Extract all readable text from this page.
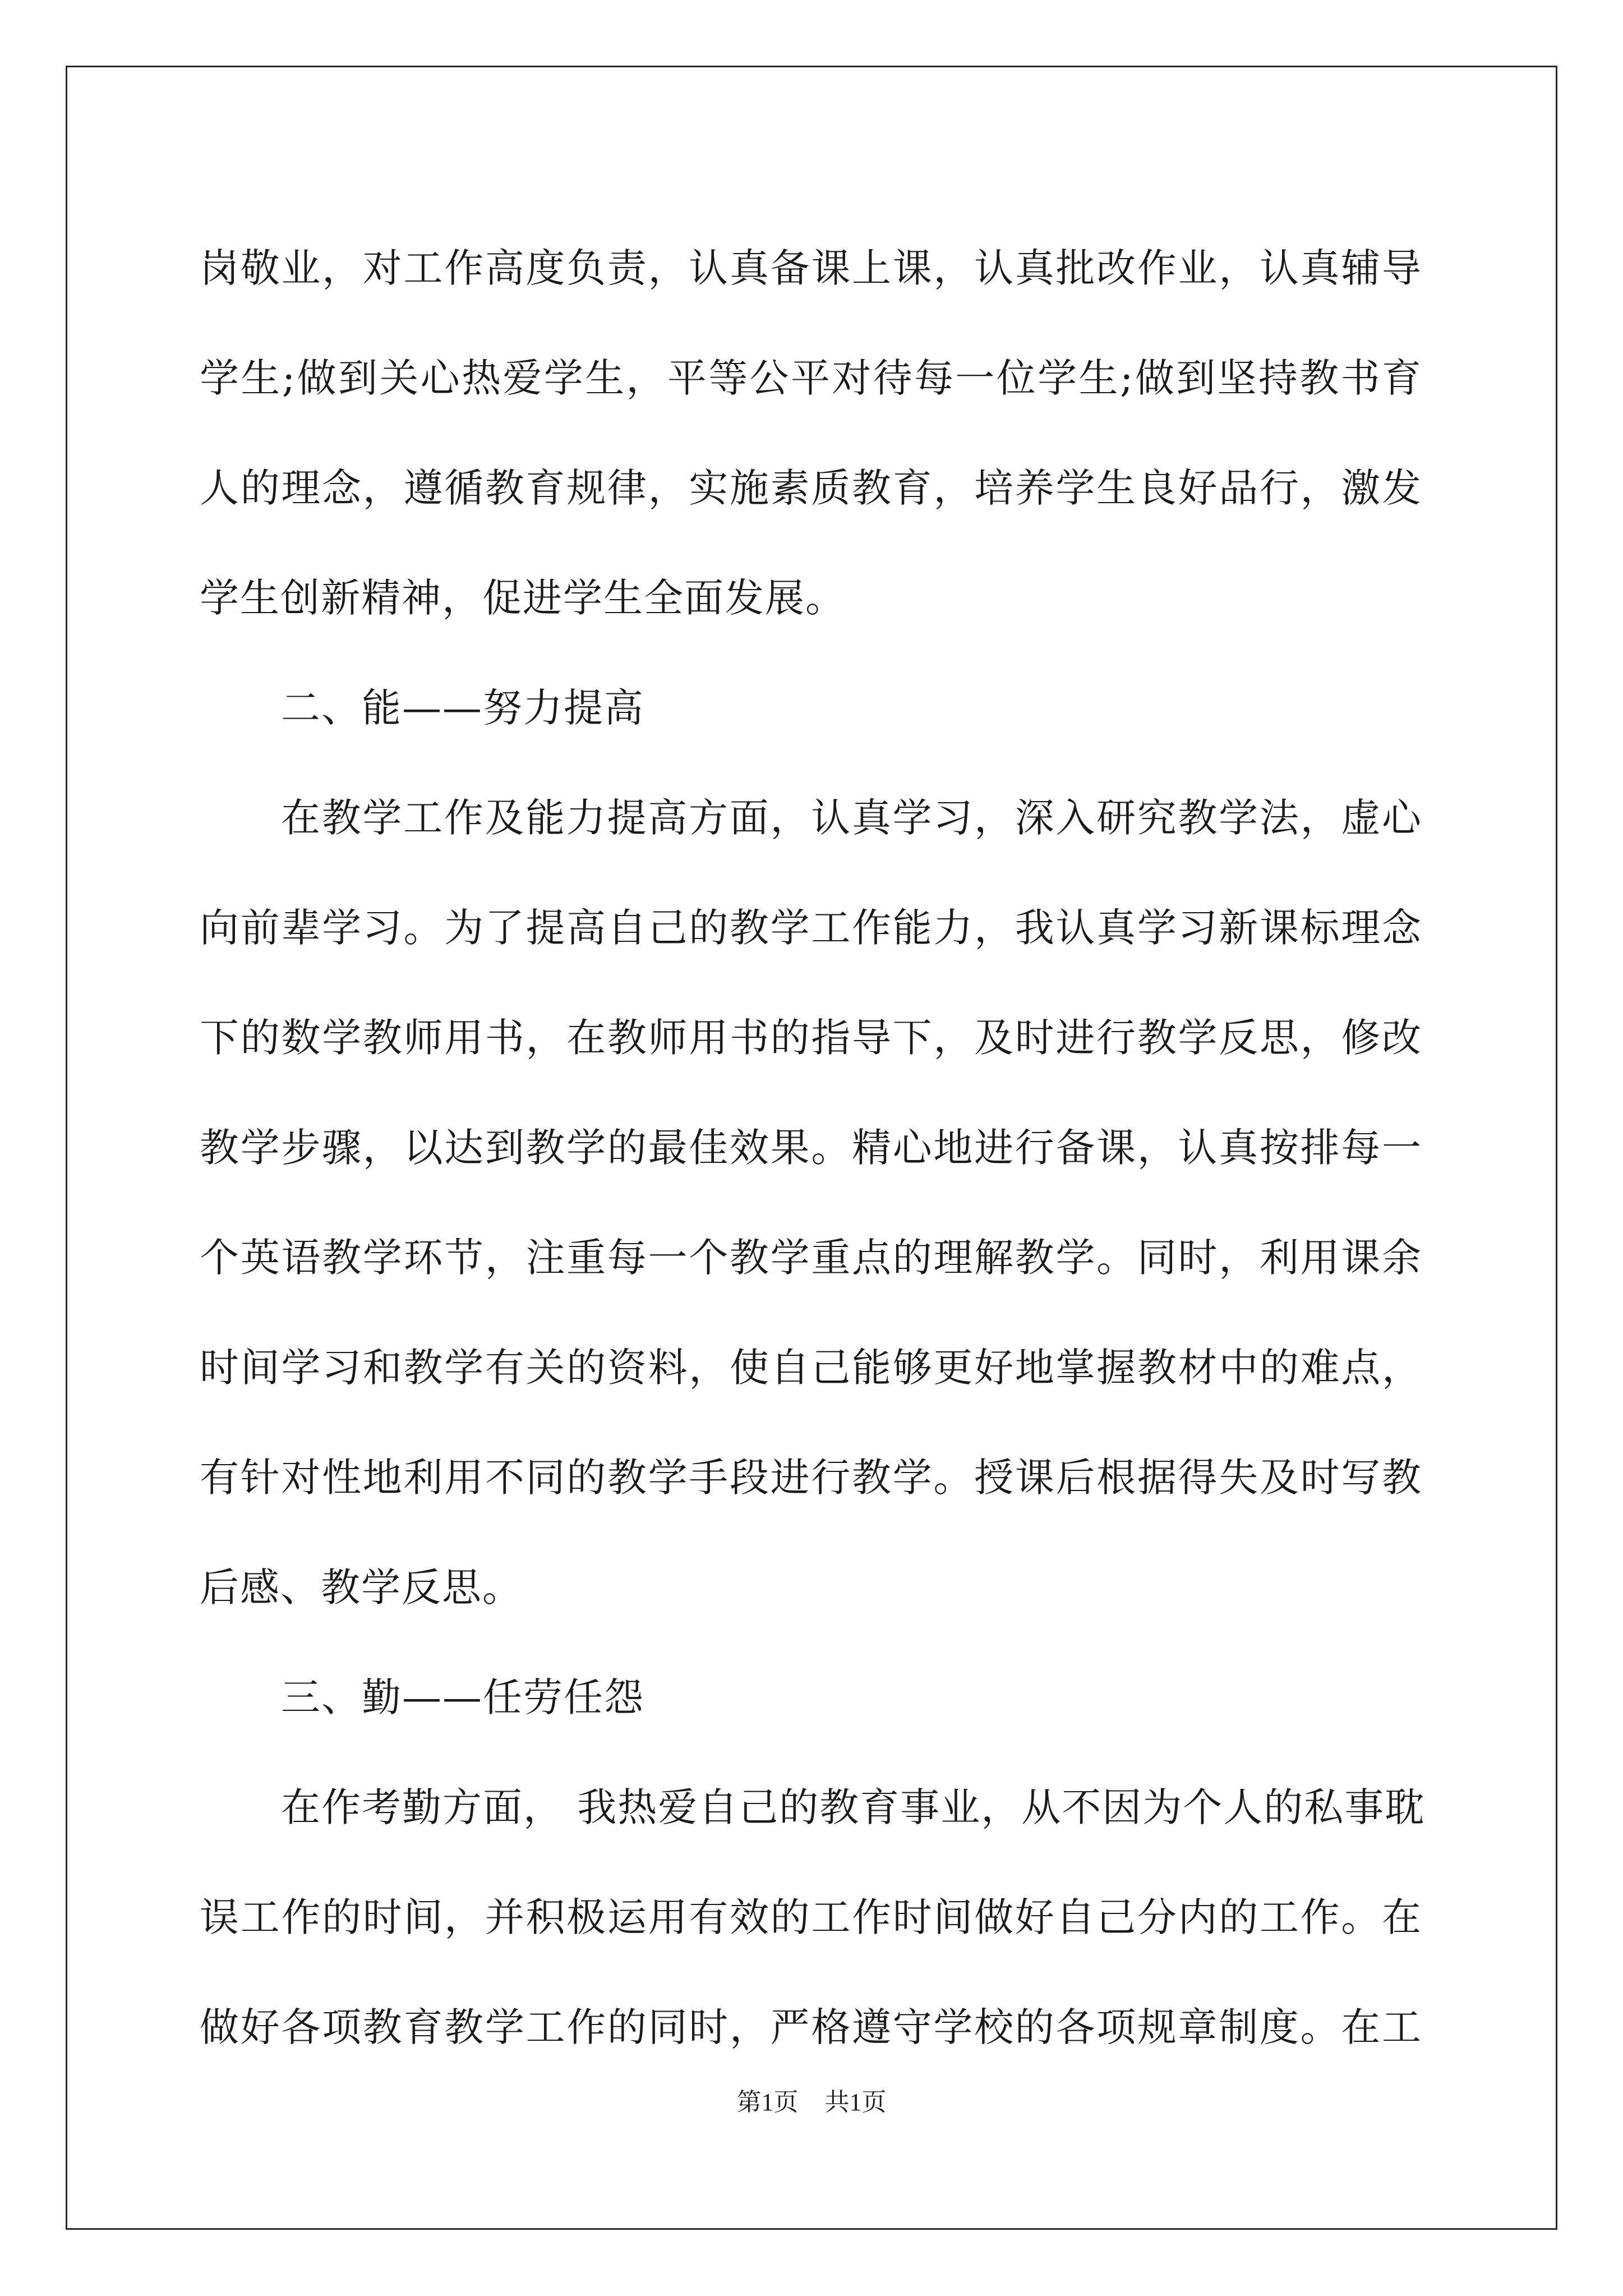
岗敬业，对工作高度负责，认真备课上课，认真批改作业，认真辅导
学生;做到关心热爱学生，平等公平对待每一位学生;做到坚持教书育
人的理念，遵循教育规律，实施素质教育，培养学生良好品行，激发
学生创新精神，促进学生全面发展。
二、能——努力提高
在教学工作及能力提高方面，认真学习，深入研究教学法，虚心
向前辈学习。为了提高自己的教学工作能力，我认真学习新课标理念
下的数学教师用书，在教师用书的指导下，及时进行教学反思，修改
教学步骤，以达到教学的最佳效果。精心地进行备课，认真按排每一
个英语教学环节，注重每一个教学重点的理解教学。同时，利用课余
时间学习和教学有关的资料，使自己能够更好地掌握教材中的难点，
有针对性地利用不同的教学手段进行教学。授课后根据得失及时写教
后感、教学反思。
三、勤——任劳任怨
在作考勤方面， 我热爱自己的教育事业，从不因为个人的私事耽
误工作的时间，并积极运用有效的工作时间做好自己分内的工作。在
做好各项教育教学工作的同时，严格遵守学校的各项规章制度。在工
第1页 共1页
